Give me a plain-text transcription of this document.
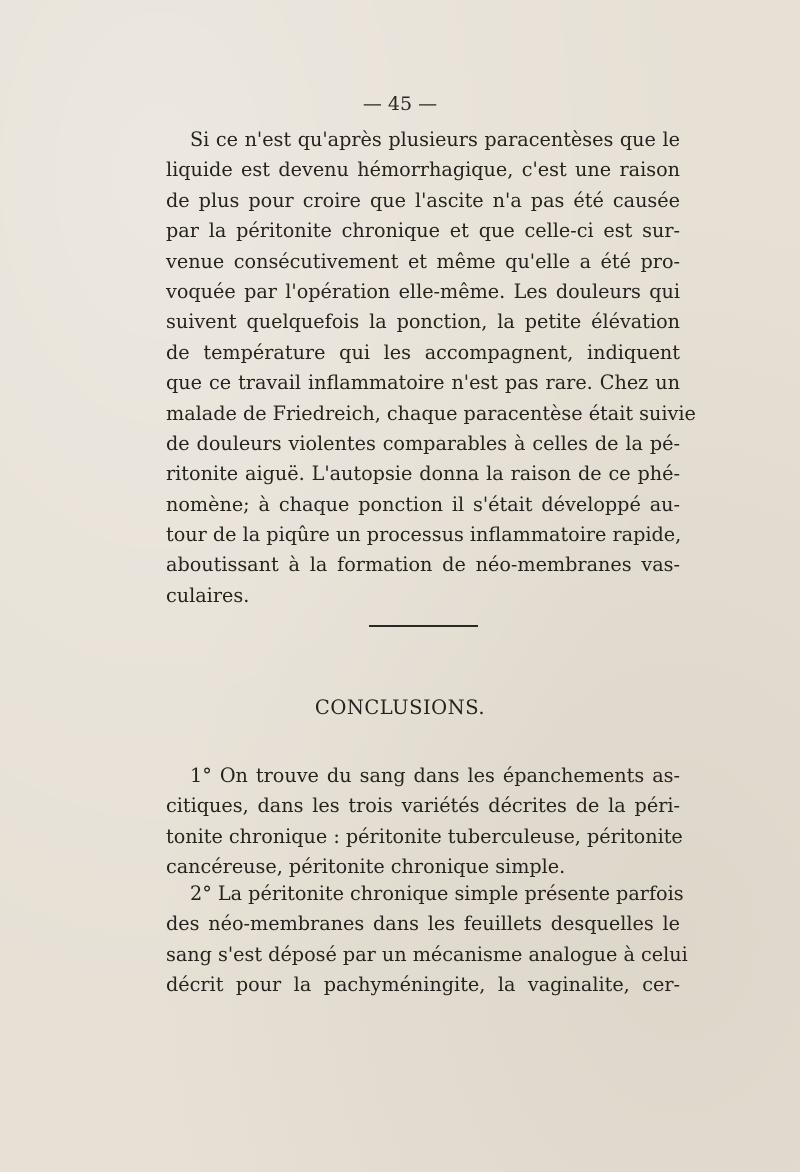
— 45 —
Si ce n'est qu'après plusieurs paracentèses que le
liquide est devenu hémorrhagique, c'est une raison
de plus pour croire que l'ascite n'a pas été causée
par la péritonite chronique et que celle-ci est sur-
venue consécutivement et même qu'elle a été pro-
voquée par l'opération elle-même. Les douleurs qui
suivent quelquefois la ponction, la petite élévation
de température qui les accompagnent, indiquent
que ce travail inflammatoire n'est pas rare. Chez un
malade de Friedreich, chaque paracentèse était suivie
de douleurs violentes comparables à celles de la pé-
ritonite aiguë. L'autopsie donna la raison de ce phé-
nomène; à chaque ponction il s'était développé au-
tour de la piqûre un processus inflammatoire rapide,
aboutissant à la formation de néo-membranes vas-
culaires.
CONCLUSIONS.
1° On trouve du sang dans les épanchements as-
citiques, dans les trois variétés décrites de la péri-
tonite chronique : péritonite tuberculeuse, péritonite
cancéreuse, péritonite chronique simple.
2° La péritonite chronique simple présente parfois
des néo-membranes dans les feuillets desquelles le
sang s'est déposé par un mécanisme analogue à celui
décrit pour la pachyméningite, la vaginalite, cer-
